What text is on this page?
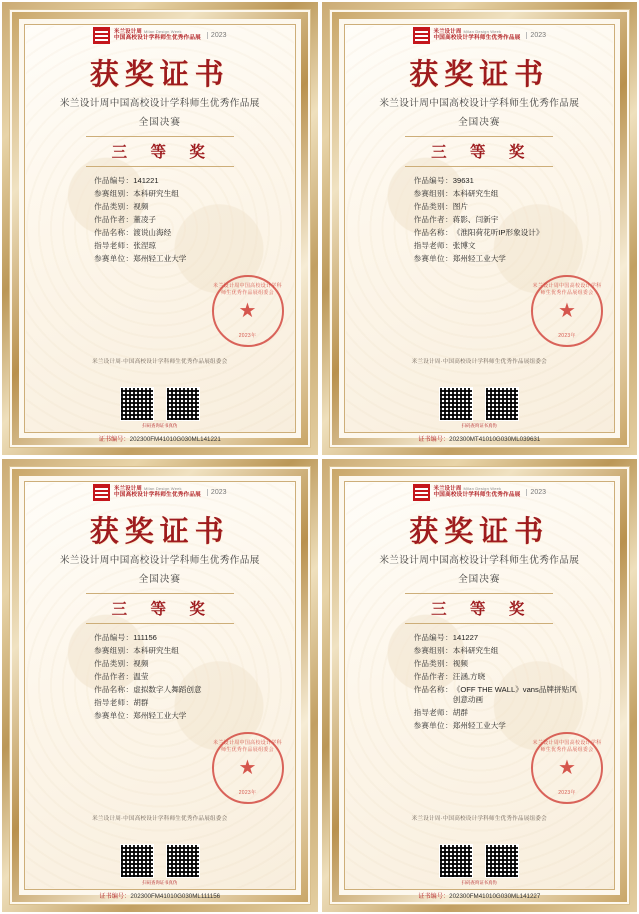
米兰设计周 Milan Design Week
中国高校设计学科师生优秀作品展	2023
获奖证书
米兰设计周中国高校设计学科师生优秀作品展
全国决赛
三 等 奖
作品编号 ： 141221
参赛组别 ： 本科研究生组
作品类别 ： 视频
作品作者 ： 董凌子
作品名称 ： 渡说山海经
指导老师 ： 张涅琼
参赛单位 ： 郑州轻工业大学
米兰设计周中国高校设计学科师生优秀作品展组委会
★
2023年
米兰设计周·中国高校设计学科师生优秀作品展组委会
扫码查询证书真伪
证书编号：202300FM41010G030ML141221
米兰设计周 Milan Design Week
中国高校设计学科师生优秀作品展	2023
获奖证书
米兰设计周中国高校设计学科师生优秀作品展
全国决赛
三 等 奖
作品编号 ： 39631
参赛组别 ： 本科研究生组
作品类别 ： 图片
作品作者 ： 蒋影、闫新宇
作品名称 ： 《淮阳荷花听IP形象设计》
指导老师 ： 张博文
参赛单位 ： 郑州轻工业大学
米兰设计周中国高校设计学科师生优秀作品展组委会
★
2023年
米兰设计周·中国高校设计学科师生优秀作品展组委会
扫码查询证书真伪
证书编号：202300MT41010G030ML039631
米兰设计周 Milan Design Week
中国高校设计学科师生优秀作品展	2023
获奖证书
米兰设计周中国高校设计学科师生优秀作品展
全国决赛
三 等 奖
作品编号 ： 111156
参赛组别 ： 本科研究生组
作品类别 ： 视频
作品作者 ： 温莹
作品名称 ： 虚拟数字人舞蹈创意
指导老师 ： 胡群
参赛单位 ： 郑州轻工业大学
米兰设计周中国高校设计学科师生优秀作品展组委会
★
2023年
米兰设计周·中国高校设计学科师生优秀作品展组委会
扫码查询证书真伪
证书编号：202300FM41010G030ML111156
米兰设计周 Milan Design Week
中国高校设计学科师生优秀作品展	2023
获奖证书
米兰设计周中国高校设计学科师生优秀作品展
全国决赛
三 等 奖
作品编号 ： 141227
参赛组别 ： 本科研究生组
作品类别 ： 视频
作品作者 ： 汪涵,方晓
作品名称 ： 《OFF THE WALL》vans品牌拼贴风创意动画
指导老师 ： 胡群
参赛单位 ： 郑州轻工业大学
米兰设计周中国高校设计学科师生优秀作品展组委会
★
2023年
米兰设计周·中国高校设计学科师生优秀作品展组委会
扫码查询证书真伪
证书编号：202300FM41010G030ML141227
